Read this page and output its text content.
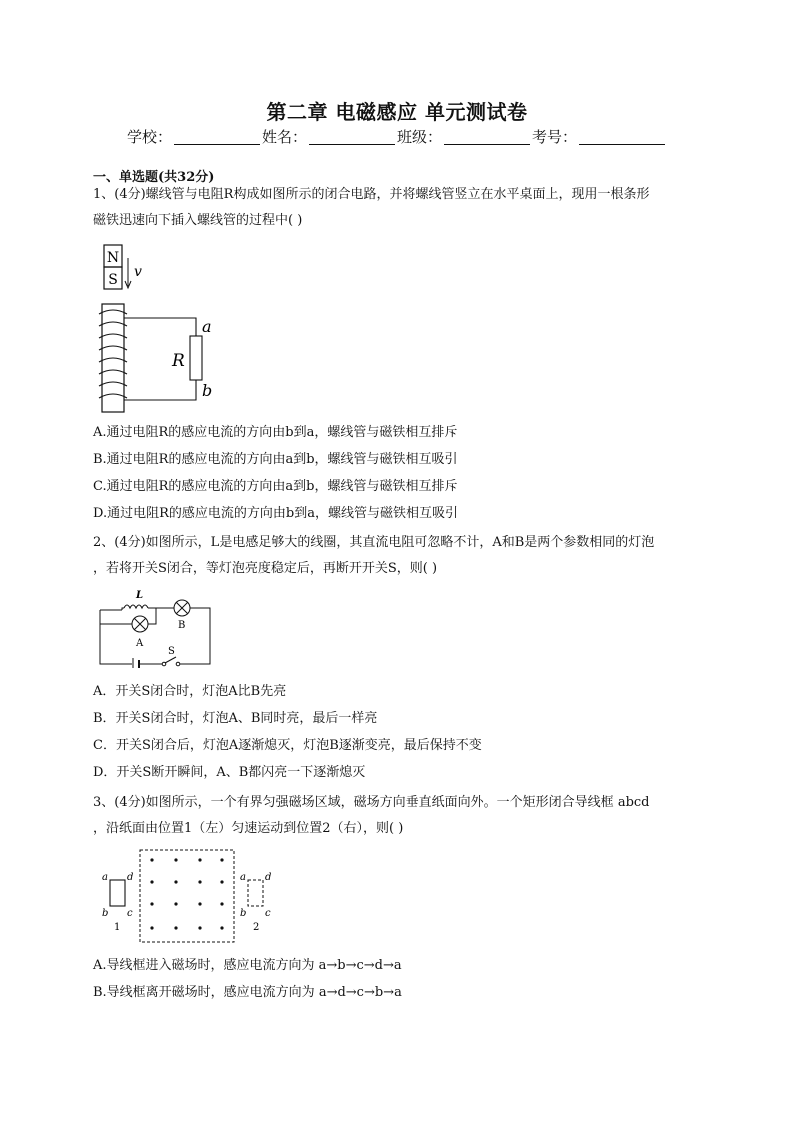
第二章 电磁感应 单元测试卷
学校：	姓名：	班级：	考号：
一、单选题(共32分)
1、(4分)螺线管与电阻R构成如图所示的闭合电路，并将螺线管竖立在水平桌面上，现用一根条形
磁铁迅速向下插入螺线管的过程中( )
N
S v
R
a
b
A.通过电阻R的感应电流的方向由b到a，螺线管与磁铁相互排斥
B.通过电阻R的感应电流的方向由a到b，螺线管与磁铁相互吸引
C.通过电阻R的感应电流的方向由a到b，螺线管与磁铁相互排斥
D.通过电阻R的感应电流的方向由b到a，螺线管与磁铁相互吸引
2、(4分)如图所示，L是电感足够大的线圈，其直流电阻可忽略不计，A和B是两个参数相同的灯泡
，若将开关S闭合，等灯泡亮度稳定后，再断开开关S，则( )
L
B
A
S
A．开关S闭合时，灯泡A比B先亮
B．开关S闭合时，灯泡A、B同时亮，最后一样亮
C．开关S闭合后，灯泡A逐渐熄灭，灯泡B逐渐变亮，最后保持不变
D．开关S断开瞬间，A、B都闪亮一下逐渐熄灭
3、(4分)如图所示，一个有界匀强磁场区域，磁场方向垂直纸面向外。一个矩形闭合导线框 abcd
，沿纸面由位置1（左）匀速运动到位置2（右），则( )
a d
b c
1
a d
b c
2
A.导线框进入磁场时，感应电流方向为 a→b→c→d→a
B.导线框离开磁场时，感应电流方向为 a→d→c→b→a
